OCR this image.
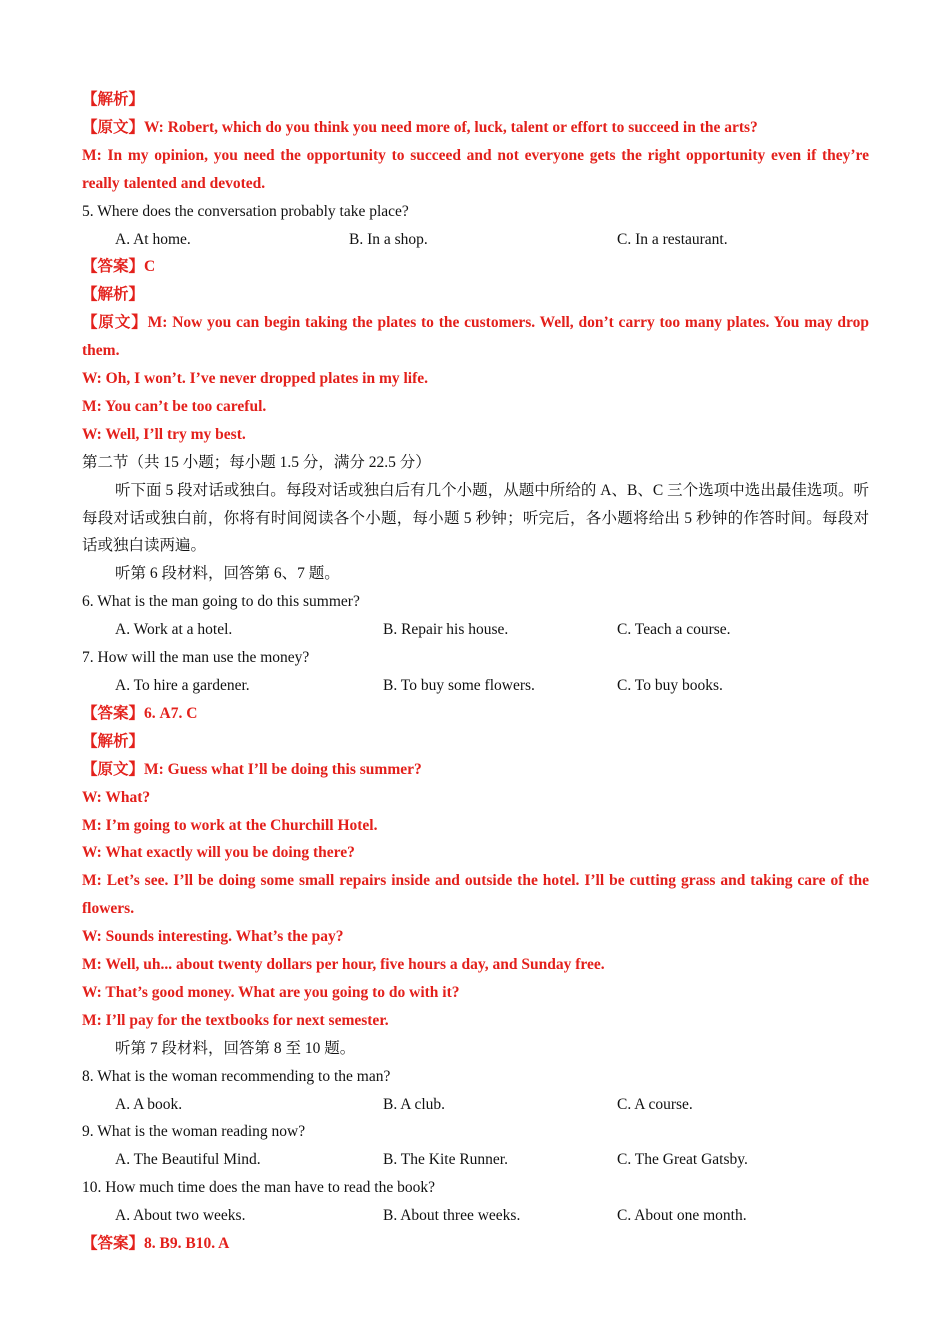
【解析】
【原文】W: Robert, which do you think you need more of, luck, talent or effort to succeed in the arts?
M: In my opinion, you need the opportunity to succeed and not everyone gets the right opportunity even if they’re really talented and devoted.
5. Where does the conversation probably take place?
A. At home.	B. In a shop.	C. In a restaurant.
【答案】C
【解析】
【原文】M: Now you can begin taking the plates to the customers. Well, don’t carry too many plates. You may drop them.
W: Oh, I won’t. I’ve never dropped plates in my life.
M: You can’t be too careful.
W: Well, I’ll try my best.
第二节（共 15 小题；每小题 1.5 分，满分 22.5 分）
听下面 5 段对话或独白。每段对话或独白后有几个小题，从题中所给的 A、B、C 三个选项中选出最佳选项。听每段对话或独白前，你将有时间阅读各个小题，每小题 5 秒钟；听完后，各小题将给出 5 秒钟的作答时间。每段对话或独白读两遍。
听第 6 段材料，回答第 6、7 题。
6. What is the man going to do this summer?
A. Work at a hotel.	B. Repair his house.	C. Teach a course.
7. How will the man use the money?
A. To hire a gardener.	B. To buy some flowers.	C. To buy books.
【答案】6. A7. C
【解析】
【原文】M: Guess what I’ll be doing this summer?
W: What?
M: I’m going to work at the Churchill Hotel.
W: What exactly will you be doing there?
M: Let’s see. I’ll be doing some small repairs inside and outside the hotel. I’ll be cutting grass and taking care of the flowers.
W: Sounds interesting. What’s the pay?
M: Well, uh... about twenty dollars per hour, five hours a day, and Sunday free.
W: That’s good money. What are you going to do with it?
M: I’ll pay for the textbooks for next semester.
听第 7 段材料，回答第 8 至 10 题。
8. What is the woman recommending to the man?
A. A book.	B. A club.	C. A course.
9. What is the woman reading now?
A. The Beautiful Mind.	B. The Kite Runner.	C. The Great Gatsby.
10. How much time does the man have to read the book?
A. About two weeks.	B. About three weeks.	C. About one month.
【答案】8. B9. B10. A
